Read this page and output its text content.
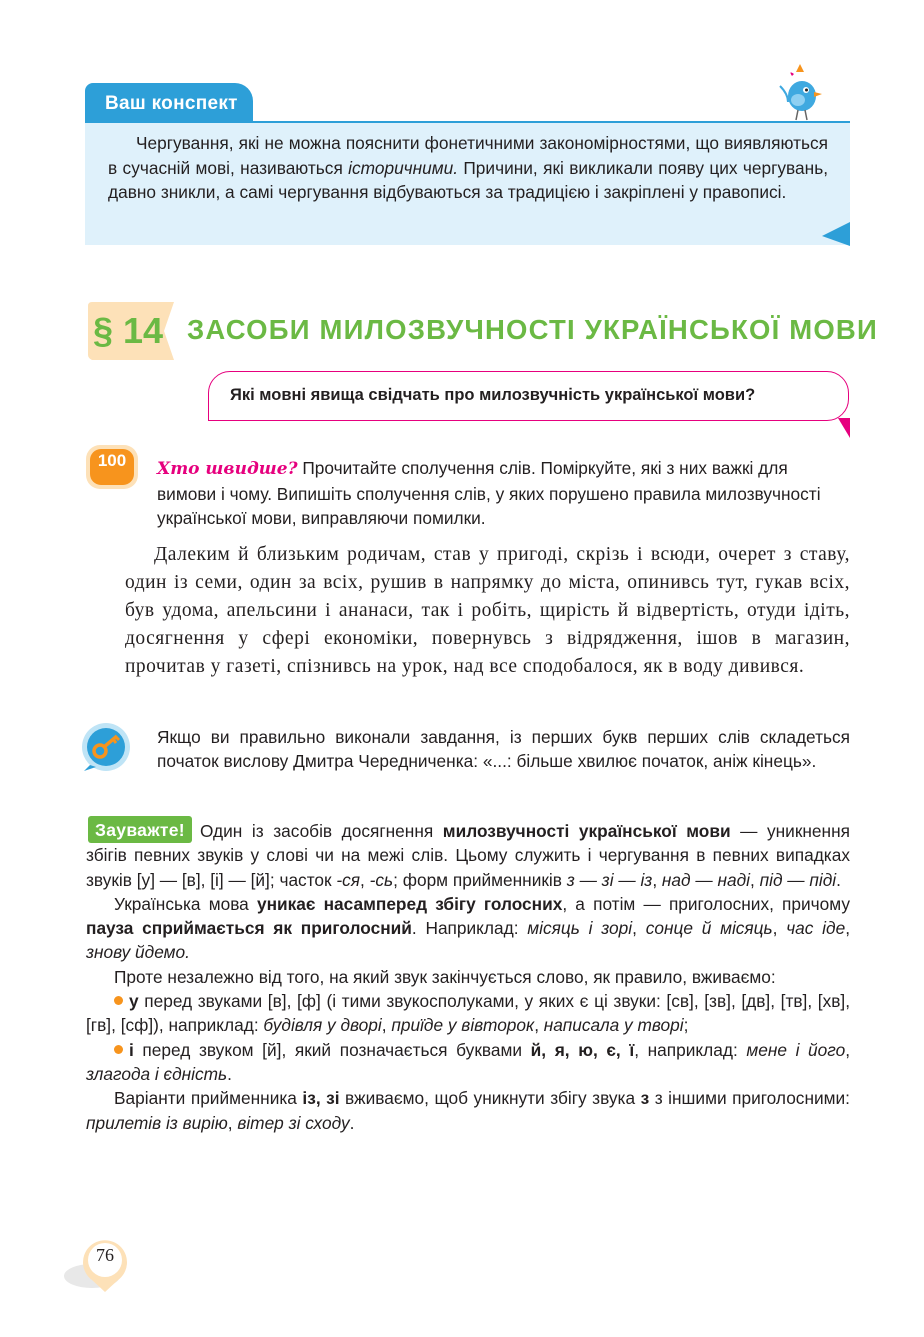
Ваш конспект

Чергування, які не можна пояснити фонетичними закономірностями, що виявляються в сучасній мові, називаються історичними. Причини, які викликали появу цих чергувань, давно зникли, а самі чергування відбуваються за традицією і закріплені у правописі.

§ 14 ЗАСОБИ МИЛОЗВУЧНОСТІ УКРАЇНСЬКОЇ МОВИ
Які мовні явища свідчать про милозвучність української мови?
100	Хто швидше? Прочитайте сполучення слів. Поміркуйте, які з них важкі для вимови і чому. Випишіть сполучення слів, у яких порушено правила милозвучності української мови, виправляючи помилки.

Далеким й близьким родичам, став у пригоді, скрізь і всюди, очерет з ставу, один із семи, один за всіх, рушив в напрямку до міста, опинивсь тут, гукав всіх, був удома, апельсини і ананаси, так і робіть, щирість й відвертість, отуди ідіть, досягнення у сфері економіки, повернувсь з відрядження, ішов в магазин, прочитав у газеті, спізнивсь на урок, над все сподобалося, як в воду дивився.

Якщо ви правильно виконали завдання, із перших букв перших слів складеться початок вислову Дмитра Чередниченка: «...: більше хвилює початок, аніж кінець».

Зауважте! Один із засобів досягнення милозвучності української мови — уникнення збігів певних звуків у слові чи на межі слів. Цьому служить і чергування в певних випадках звуків [у] — [в], [і] — [й]; часток -ся, -сь; форм прийменників з — зі — із, над — наді, під — піді.

Українська мова уникає насамперед збігу голосних, а потім — приголосних, причому пауза сприймається як приголосний. Наприклад: місяць і зорі, сонце й місяць, час іде, знову йдемо.

Проте незалежно від того, на який звук закінчується слово, як правило, вживаємо:

у перед звуками [в], [ф] (і тими звукосполуками, у яких є ці звуки: [св], [зв], [дв], [тв], [хв], [гв], [сф]), наприклад: будівля у дворі, приїде у вівторок, написала у творі;

і перед звуком [й], який позначається буквами й, я, ю, є, ї, наприклад: мене і його, злагода і єдність.

Варіанти прийменника із, зі вживаємо, щоб уникнути збігу звука з з іншими приголосними: прилетів із вирію, вітер зі сходу.

76
